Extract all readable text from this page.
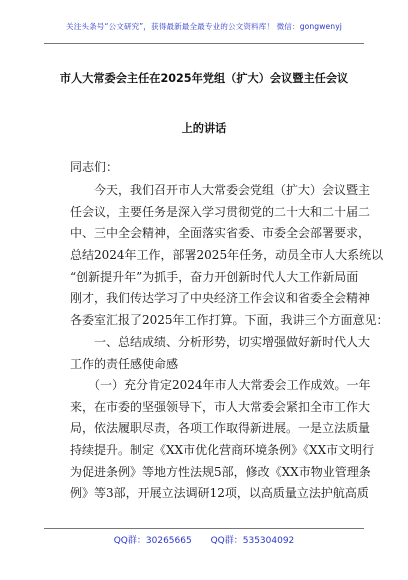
关注头条号“公文研究”，获得最新最全最专业的公文资料库！ 微信：gongwenyj
市人大常委会主任在2025年党组（扩大）会议暨主任会议
上的讲话
同志们：
　　今天，我们召开市人大常委会党组（扩大）会议暨主
任会议，主要任务是深入学习贯彻党的二十大和二十届二
中、三中全会精神，全面落实省委、市委全会部署要求，
总结2024年工作，部署2025年任务，动员全市人大系统以
“创新提升年”为抓手，奋力开创新时代人大工作新局面
刚才，我们传达学习了中央经济工作会议和省委全会精神
各委室汇报了2025年工作打算。下面，我讲三个方面意见：
　　一、总结成绩、分析形势，切实增强做好新时代人大
工作的责任感使命感
　　（一）充分肯定2024年市人大常委会工作成效。一年
来，在市委的坚强领导下，市人大常委会紧扣全市工作大
局，依法履职尽责，各项工作取得新进展。一是立法质量
持续提升。制定《XX市优化营商环境条例》《XX市文明行
为促进条例》等地方性法规5部，修改《XX市物业管理条
例》等3部，开展立法调研12项，以高质量立法护航高质
QQ群：30265665 QQ群：535304092
